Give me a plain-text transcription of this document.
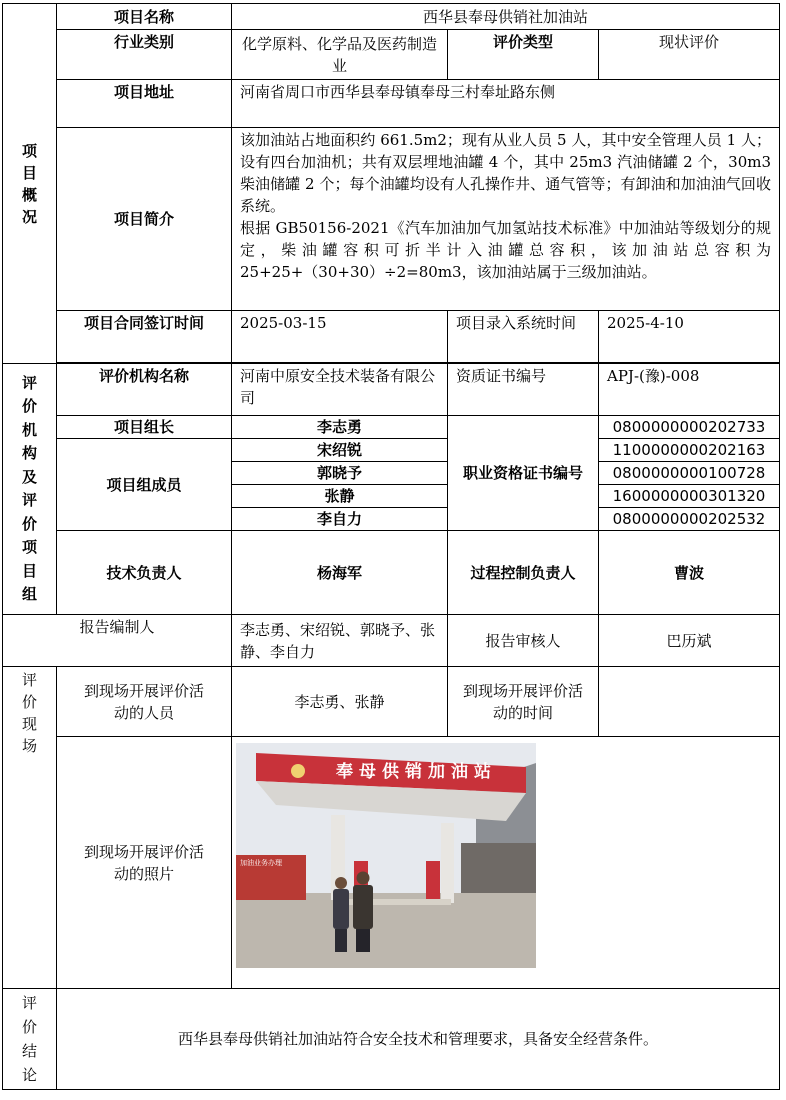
项目概况	项目名称	西华县奉母供销社加油站		
	行业类别	化学原料、化学品及医药制造业	评价类型	现状评价
	项目地址	河南省周口市西华县奉母镇奉母三村奉址路东侧		
	项目简介	该加油站占地面积约 661.5m2；现有从业人员 5 人，其中安全管理人员 1 人；设有四台加油机；共有双层埋地油罐 4 个，其中 25m3 汽油储罐 2 个，30m3 柴油储罐 2 个；每个油罐均设有人孔操作井、通气管等；有卸油和加油油气回收系统。

根据 GB50156-2021《汽车加油加气加氢站技术标准》中加油站等级划分的规定，柴油罐容积可折半计入油罐总容积，该加油站总容积为 25+25+（30+30）÷2=80m3，该加油站属于三级加油站。		

	项目合同签订时间	2025-03-15	项目录入系统时间	2025-4-10

评价机构及评价项目组	评价机构名称	河南中原安全技术装备有限公司	资质证书编号	APJ-(豫)-008
	项目组长	李志勇	职业资格证书编号	0800000000202733
	项目组成员	宋绍锐		1100000000202163
		郭晓予		0800000000100728
		张静		1600000000301320
		李自力		0800000000202532
	技术负责人	杨海军	过程控制负责人	曹波
报告编制人		李志勇、宋绍锐、郭晓予、张静、李自力	报告审核人	巴历斌

评价现场	到现场开展评价活动的人员	李志勇、张静	到现场开展评价活动的时间	

	到现场开展评价活动的照片	奉母供销加油站
加油业务办理		

评价结论	西华县奉母供销社加油站符合安全技术和管理要求，具备安全经营条件。			
